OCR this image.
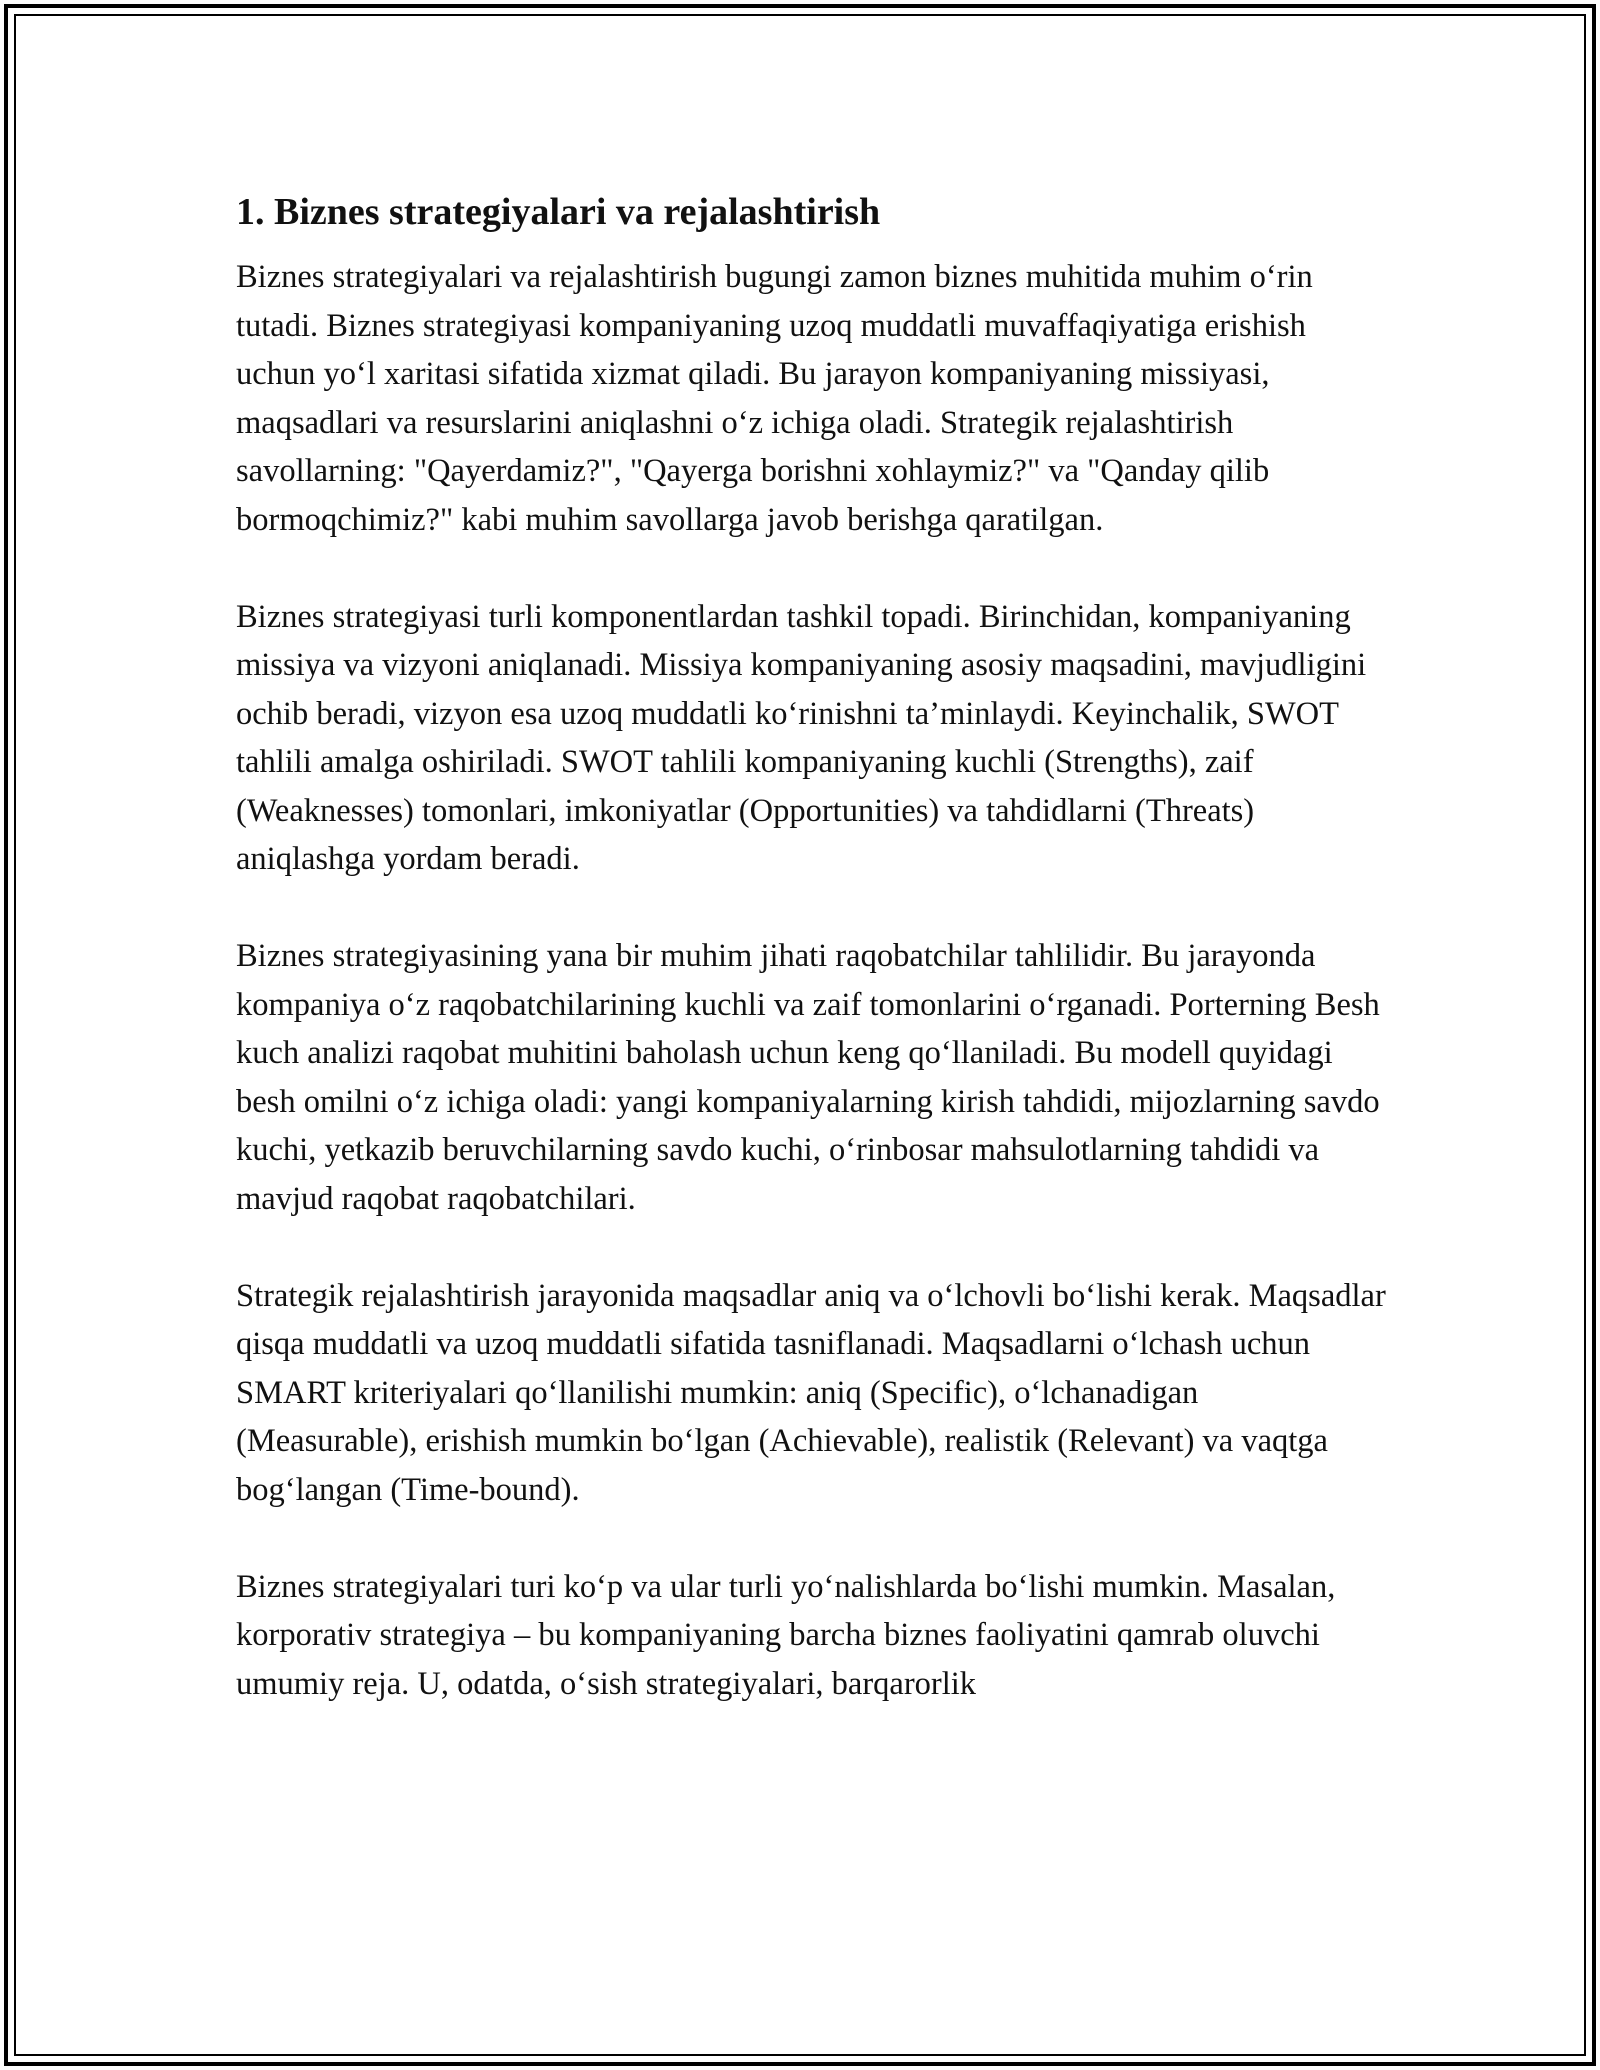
1. Biznes strategiyalari va rejalashtirish

Biznes strategiyalari va rejalashtirish bugungi zamon biznes muhitida muhim o‘rin tutadi. Biznes strategiyasi kompaniyaning uzoq muddatli muvaffaqiyatiga erishish uchun yo‘l xaritasi sifatida xizmat qiladi. Bu jarayon kompaniyaning missiyasi, maqsadlari va resurslarini aniqlashni o‘z ichiga oladi. Strategik rejalashtirish savollarning: "Qayerdamiz?", "Qayerga borishni xohlaymiz?" va "Qanday qilib bormoqchimiz?" kabi muhim savollarga javob berishga qaratilgan.

Biznes strategiyasi turli komponentlardan tashkil topadi. Birinchidan, kompaniyaning missiya va vizyoni aniqlanadi. Missiya kompaniyaning asosiy maqsadini, mavjudligini ochib beradi, vizyon esa uzoq muddatli ko‘rinishni ta’minlaydi. Keyinchalik, SWOT tahlili amalga oshiriladi. SWOT tahlili kompaniyaning kuchli (Strengths), zaif (Weaknesses) tomonlari, imkoniyatlar (Opportunities) va tahdidlarni (Threats) aniqlashga yordam beradi.

Biznes strategiyasining yana bir muhim jihati raqobatchilar tahlilidir. Bu jarayonda kompaniya o‘z raqobatchilarining kuchli va zaif tomonlarini o‘rganadi. Porterning Besh kuch analizi raqobat muhitini baholash uchun keng qo‘llaniladi. Bu modell quyidagi besh omilni o‘z ichiga oladi: yangi kompaniyalarning kirish tahdidi, mijozlarning savdo kuchi, yetkazib beruvchilarning savdo kuchi, o‘rinbosar mahsulotlarning tahdidi va mavjud raqobat raqobatchilari.

Strategik rejalashtirish jarayonida maqsadlar aniq va o‘lchovli bo‘lishi kerak. Maqsadlar qisqa muddatli va uzoq muddatli sifatida tasniflanadi. Maqsadlarni o‘lchash uchun SMART kriteriyalari qo‘llanilishi mumkin: aniq (Specific), o‘lchanadigan (Measurable), erishish mumkin bo‘lgan (Achievable), realistik (Relevant) va vaqtga bog‘langan (Time-bound).

Biznes strategiyalari turi ko‘p va ular turli yo‘nalishlarda bo‘lishi mumkin. Masalan, korporativ strategiya – bu kompaniyaning barcha biznes faoliyatini qamrab oluvchi umumiy reja. U, odatda, o‘sish strategiyalari, barqarorlik
